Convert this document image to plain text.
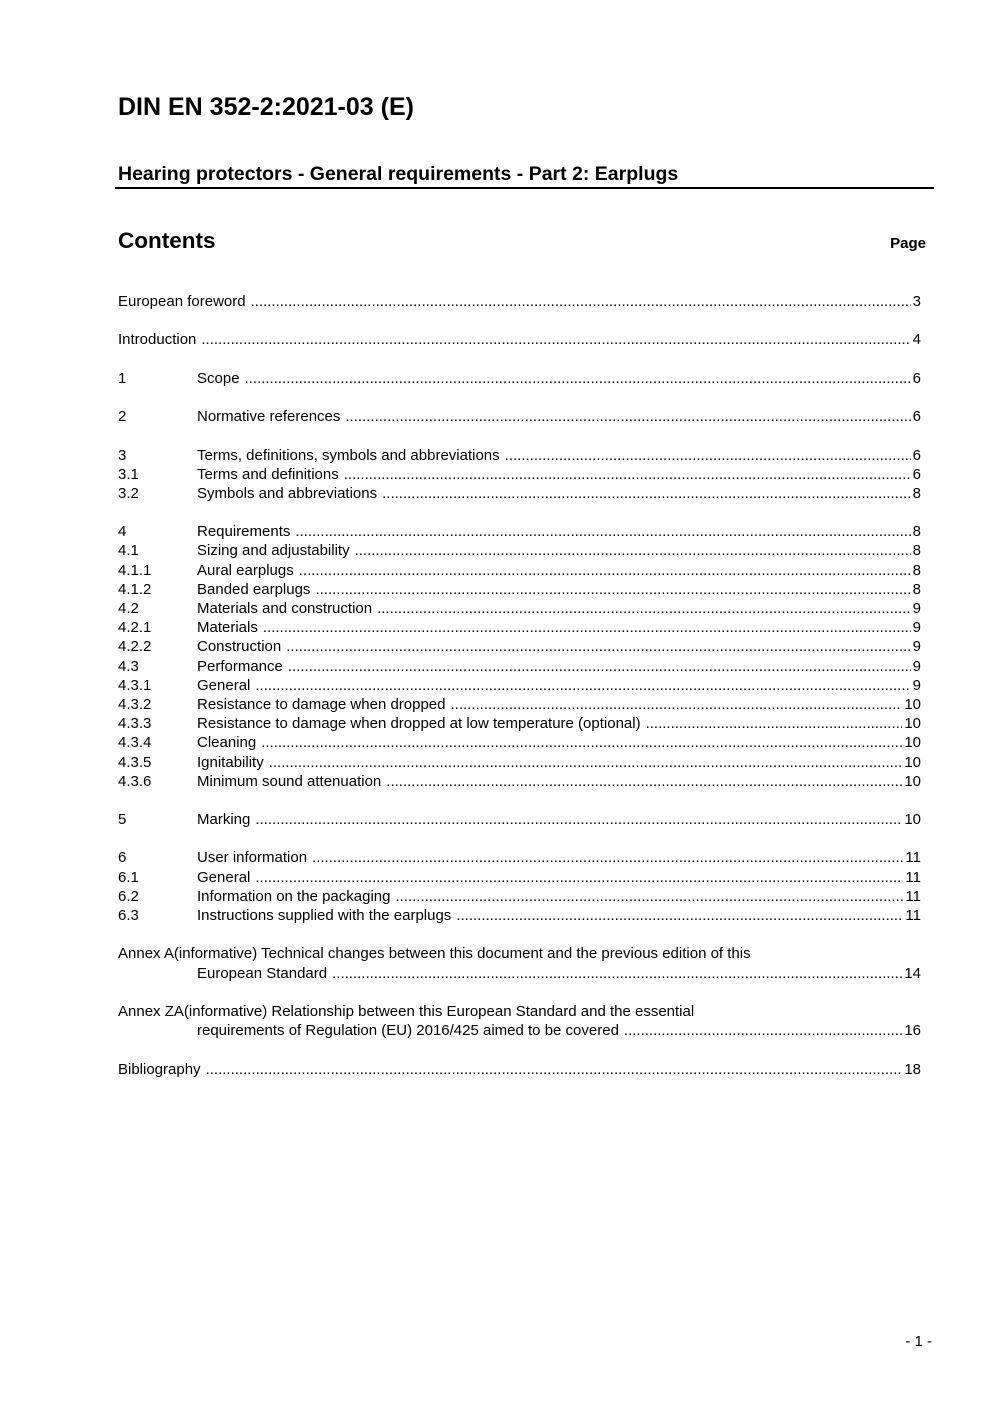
DIN EN 352-2:2021-03 (E)
Hearing protectors - General requirements - Part 2: Earplugs
Contents	Page
European foreword .....	3
Introduction .....	4
1	Scope .....	6
2	Normative references .....	6
3	Terms, definitions, symbols and abbreviations .....	6
3.1	Terms and definitions .....	6
3.2	Symbols and abbreviations .....	8
4	Requirements .....	8
4.1	Sizing and adjustability .....	8
4.1.1	Aural earplugs .....	8
4.1.2	Banded earplugs .....	8
4.2	Materials and construction .....	9
4.2.1	Materials .....	9
4.2.2	Construction .....	9
4.3	Performance .....	9
4.3.1	General .....	9
4.3.2	Resistance to damage when dropped .....	10
4.3.3	Resistance to damage when dropped at low temperature (optional) .....	10
4.3.4	Cleaning .....	10
4.3.5	Ignitability .....	10
4.3.6	Minimum sound attenuation .....	10
5	Marking .....	10
6	User information .....	11
6.1	General .....	11
6.2	Information on the packaging .....	11
6.3	Instructions supplied with the earplugs .....	11
Annex A(informative) Technical changes between this document and the previous edition of this
European Standard .....	14
Annex ZA(informative) Relationship between this European Standard and the essential
requirements of Regulation (EU) 2016/425 aimed to be covered .....	16
Bibliography .....	18
- 1 -
